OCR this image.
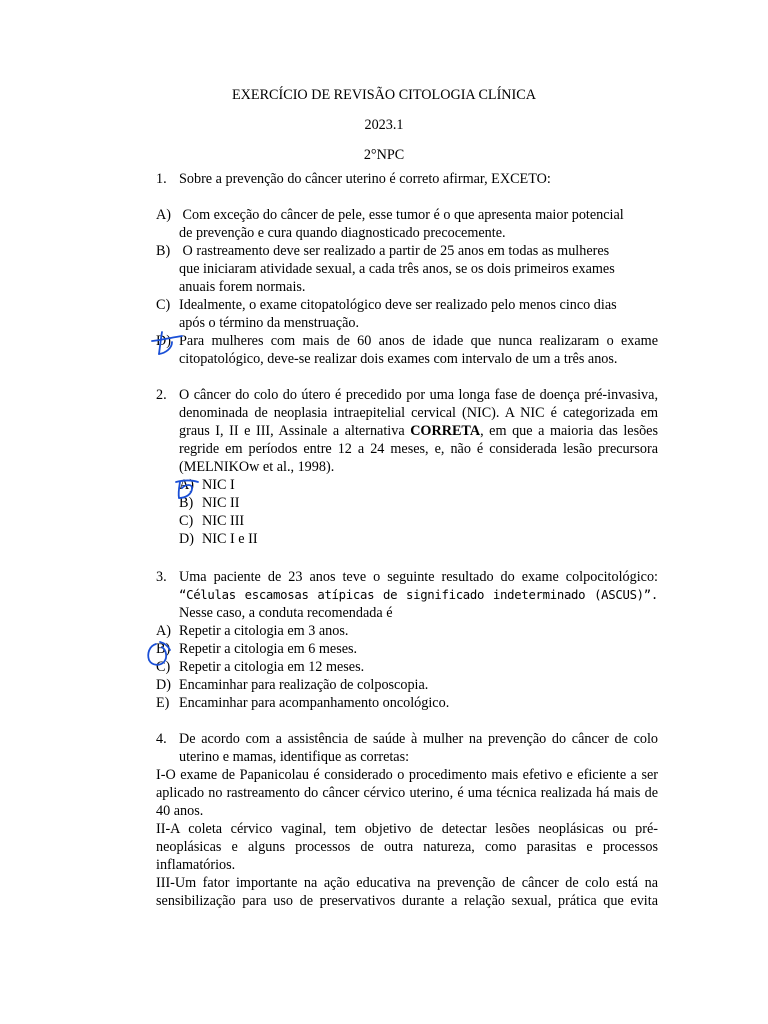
EXERCÍCIO DE REVISÃO CITOLOGIA CLÍNICA
2023.1
2°NPC
1. Sobre a prevenção do câncer uterino é correto afirmar, EXCETO:
A) Com exceção do câncer de pele, esse tumor é o que apresenta maior potencial
de prevenção e cura quando diagnosticado precocemente.
B) O rastreamento deve ser realizado a partir de 25 anos em todas as mulheres
que iniciaram atividade sexual, a cada três anos, se os dois primeiros exames
anuais forem normais.
C) Idealmente, o exame citopatológico deve ser realizado pelo menos cinco dias
após o término da menstruação.
D) Para mulheres com mais de 60 anos de idade que nunca realizaram o exame
citopatológico, deve-se realizar dois exames com intervalo de um a três anos.
2. O câncer do colo do útero é precedido por uma longa fase de doença pré-invasiva, denominada de neoplasia intraepitelial cervical (NIC). A NIC é categorizada em graus I, II e III, Assinale a alternativa CORRETA, em que a maioria das lesões regride em períodos entre 12 a 24 meses, e, não é considerada lesão precursora (MELNIKOw et al., 1998).
A) NIC I
B) NIC II
C) NIC III
D) NIC I e II
3. Uma paciente de 23 anos teve o seguinte resultado do exame colpocitológico: “Células escamosas atípicas de significado indeterminado (ASCUS)”. Nesse caso, a conduta recomendada é
A) Repetir a citologia em 3 anos.
B) Repetir a citologia em 6 meses.
C) Repetir a citologia em 12 meses.
D) Encaminhar para realização de colposcopia.
E) Encaminhar para acompanhamento oncológico.
4. De acordo com a assistência de saúde à mulher na prevenção do câncer de colo uterino e mamas, identifique as corretas:
I-O exame de Papanicolau é considerado o procedimento mais efetivo e eficiente a ser aplicado no rastreamento do câncer cérvico uterino, é uma técnica realizada há mais de 40 anos.
II-A coleta cérvico vaginal, tem objetivo de detectar lesões neoplásicas ou pré-neoplásicas e alguns processos de outra natureza, como parasitas e processos inflamatórios.
III-Um fator importante na ação educativa na prevenção de câncer de colo está na sensibilização para uso de preservativos durante a relação sexual, prática que evita
